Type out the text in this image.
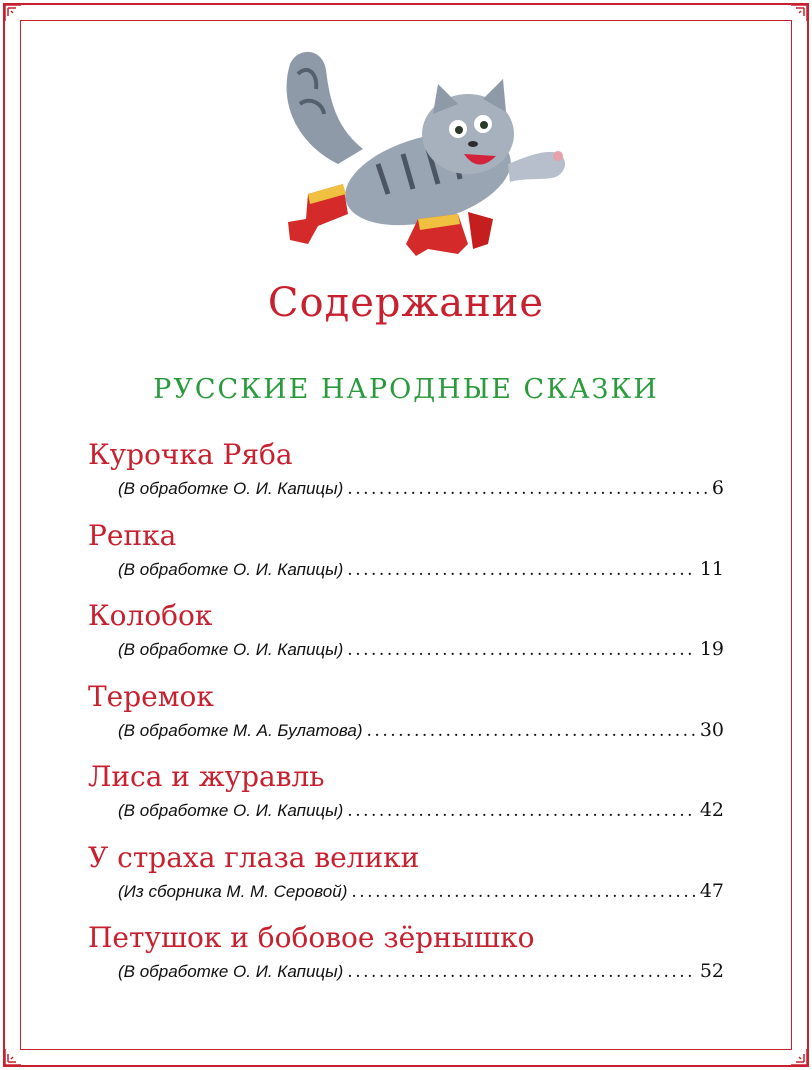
Содержание
РУССКИЕ НАРОДНЫЕ СКАЗКИ
Курочка Ряба
(В обработке О. И. Капицы) .....	6
Репка
(В обработке О. И. Капицы) .....	11
Колобок
(В обработке О. И. Капицы) .....	19
Теремок
(В обработке М. А. Булатова) .....	30
Лиса и журавль
(В обработке О. И. Капицы) .....	42
У страха глаза велики
(Из сборника М. М. Серовой) .....	47
Петушок и бобовое зёрнышко
(В обработке О. И. Капицы) .....	52
